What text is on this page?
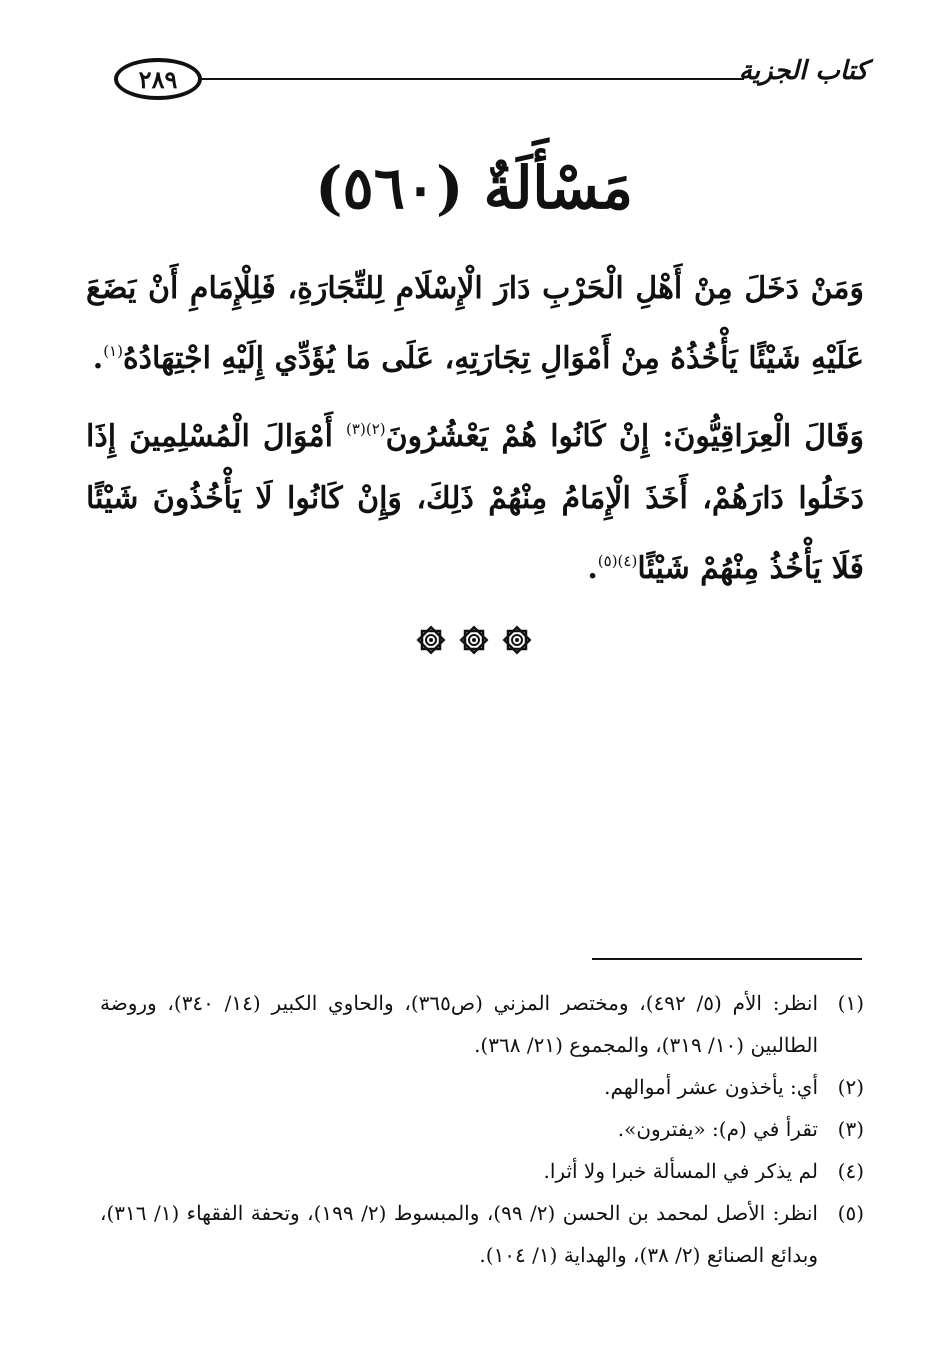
٢٨٩	كتاب الجزية
مَسْأَلَةٌ (٥٦٠)
وَمَنْ دَخَلَ مِنْ أَهْلِ الْحَرْبِ دَارَ الْإِسْلَامِ لِلتِّجَارَةِ، فَلِلْإِمَامِ أَنْ يَضَعَ عَلَيْهِ شَيْئًا يَأْخُذُهُ مِنْ أَمْوَالِ تِجَارَتِهِ، عَلَى مَا يُؤَدِّي إِلَيْهِ اجْتِهَادُهُ$^{(١)}$.
وَقَالَ الْعِرَاقِيُّونَ: إِنْ كَانُوا هُمْ يَعْشُرُونَ$^{(٢)(٣)}$ أَمْوَالَ الْمُسْلِمِينَ إِذَا دَخَلُوا دَارَهُمْ، أَخَذَ الْإِمَامُ مِنْهُمْ ذَلِكَ، وَإِنْ كَانُوا لَا يَأْخُذُونَ شَيْئًا فَلَا يَأْخُذُ مِنْهُمْ شَيْئًا$^{(٤)(٥)}$.
(١)
انظر: الأم (٥/ ٤٩٢)، ومختصر المزني (ص٣٦٥)، والحاوي الكبير (١٤/ ٣٤٠)، وروضة الطالبين (١٠/ ٣١٩)، والمجموع (٢١/ ٣٦٨).
(٢)
أي: يأخذون عشر أموالهم.
(٣)
تقرأ في (م): «يفترون».
(٤)
لم يذكر في المسألة خبرا ولا أثرا.
(٥)
انظر: الأصل لمحمد بن الحسن (٢/ ٩٩)، والمبسوط (٢/ ١٩٩)، وتحفة الفقهاء (١/ ٣١٦)، وبدائع الصنائع (٢/ ٣٨)، والهداية (١/ ١٠٤).
